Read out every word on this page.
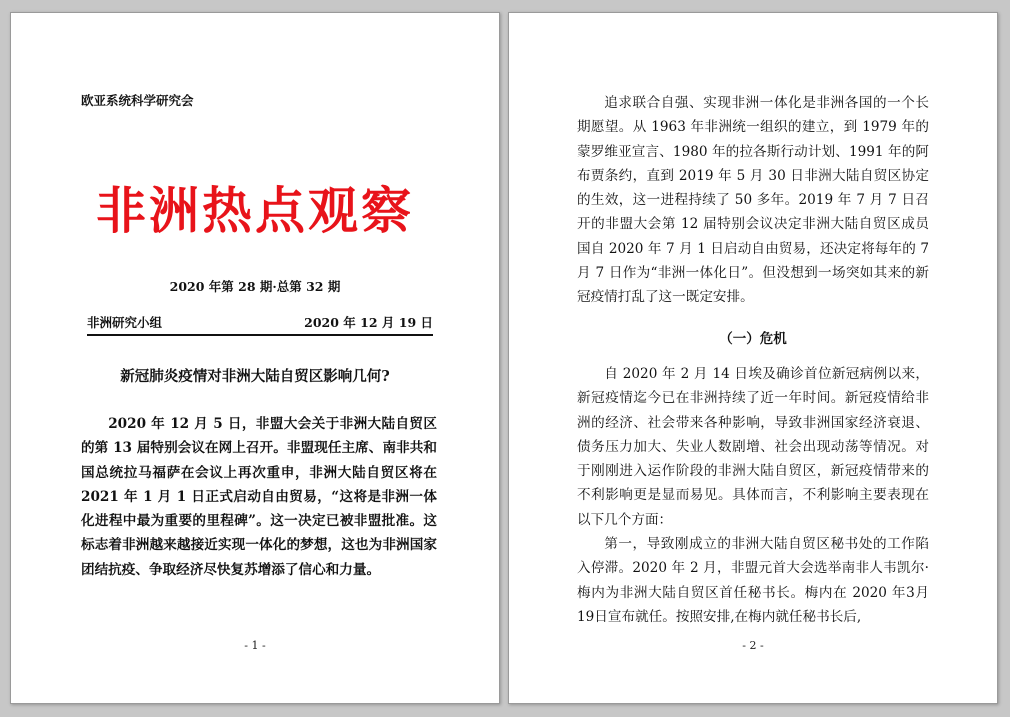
欧亚系统科学研究会
非洲热点观察
2020 年第 28 期·总第 32 期
非洲研究小组	2020 年 12 月 19 日
新冠肺炎疫情对非洲大陆自贸区影响几何?

2020 年 12 月 5 日，非盟大会关于非洲大陆自贸区的第 13 届特别会议在网上召开。非盟现任主席、南非共和国总统拉马福萨在会议上再次重申，非洲大陆自贸区将在 2021 年 1 月 1 日正式启动自由贸易，“这将是非洲一体化进程中最为重要的里程碑”。这一决定已被非盟批准。这标志着非洲越来越接近实现一体化的梦想，这也为非洲国家团结抗疫、争取经济尽快复苏增添了信心和力量。

- 1 -

追求联合自强、实现非洲一体化是非洲各国的一个长期愿望。从 1963 年非洲统一组织的建立，到 1979 年的蒙罗维亚宣言、1980 年的拉各斯行动计划、1991 年的阿布贾条约，直到 2019 年 5 月 30 日非洲大陆自贸区协定的生效，这一进程持续了 50 多年。2019 年 7 月 7 日召开的非盟大会第 12 届特别会议决定非洲大陆自贸区成员国自 2020 年 7 月 1 日启动自由贸易，还决定将每年的 7 月 7 日作为“非洲一体化日”。但没想到一场突如其来的新冠疫情打乱了这一既定安排。

（一）危机

自 2020 年 2 月 14 日埃及确诊首位新冠病例以来，新冠疫情迄今已在非洲持续了近一年时间。新冠疫情给非洲的经济、社会带来各种影响，导致非洲国家经济衰退、债务压力加大、失业人数剧增、社会出现动荡等情况。对于刚刚进入运作阶段的非洲大陆自贸区，新冠疫情带来的不利影响更是显而易见。具体而言，不利影响主要表现在以下几个方面：

第一，导致刚成立的非洲大陆自贸区秘书处的工作陷入停滞。2020 年 2 月，非盟元首大会选举南非人韦凯尔·梅内为非洲大陆自贸区首任秘书长。梅内在 2020 年3月19日宣布就任。按照安排,在梅内就任秘书长后,

- 2 -
